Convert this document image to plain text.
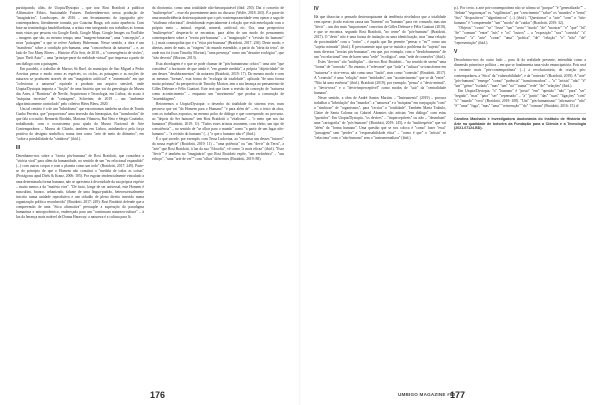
participando, aliás, de Utopia/Dystopia – que traz Rosi Braidotti a publicar Affirmative Ethics, Sustainable Futures. Embrenhem-nos nessa produção de "imaginários". Londscapes, de 2016 – um levantamento da topografia pós-contemporânea, literalmente tornada, por Catarina Braga, sob outra aparência. Com base na terminologia baudrillardiana, a artista vem integrando nos trabalhos as formas mais vistas por pessoas via Google Earth, Google Maps, Google Images ou YouTube – imagens que são, ao mesmo tempo, uma "imagem-fantasma", uma "concepção", a nova "paisagem" a que se refere Anthony Huberman. Nesse sentido, a obra é um "manifesto" sobre a condição pós-humana, uma "concorrência da natureza" – e, ao lado de Too Many Rivers – Histoire d'Un Soir, de 2018 – a "convergência de visões", "puro Theft Auto" – uma "principe-parte da realidade virtual" que impressa a partir de um diálogo com a paisagem.

Em paralelo, o trabalho de Marcos Sá Ruel, do município de Sao Miguel a Pedro Arreitoa pensa o modo como as espécies, os ciclos, as paisagens e as noções de natureza se produzem através de um "imaginário artificial" e "aumentado" em que "colecionar a natureza" equivale a produzir um arquivo sensível, onde Utopia/Dystopia importa a "ficção" de uma história que vai da genealogia do Museu das Artes, à "Boniteza" de Nevile, Arquitetura e Tecnologia, em Lisboa, do acaso à "máquina terrestre" de "contagem", Schreiner, de 2019 – um "ambiente algoritmicamente controlado" pelo coletivo Bleru Bleru, 2020.

Um tal cenário é o de um "hibridismo" que encontramos também na obra de Tomás Cunha Ferreira, que "proporciona" uma inversão das hierarquias, dos "transbordos" de que fala a ocasião: Bernardo Bordalo, Mariana Vilanova, Rui Neto e Sérgio Coutinho, trabalhando, com o ecossistema para ajuda da Museu Nacional de Arte Contemporânea – Museu do Chiado, também em Lisboa, aninhando-a pela força positiva do designio simbólico, numa área como "arte de meio do diâmetro", em "sobre a possibilidade da "simbiose" (ibid.).

III

Detenhamo-nos sobre a "teoria pós-humana" de Rosi Braidotti, que considera a "vitória viral" para além da humanidade, no sentido de um "eu relacional expandido" (...) com outros corpos e com o planeta como um todo" (Braidotti, 2017: 249). Parte-se do princípio de que o Homem não constitui a "medida de todas as coisas" (Protágoras apud Diels & Kranz, 2006: 185). Por esgotar tendencialmente vinculado a uma determinada forma humana, não se apresenta à diversidade da sua própria espécie – muito menos a da "matéria viva". "De facto, longe de ser universal, este Homem é masculino, branco, urbanizado, falante de uma língua-padrão, heterossexualmente inscrito numa unidade reprodutiva e um cidadão de pleno direito inserido numa organização política reconhecida" (Braidotti, 2017: 249). Rosi Braidotti defende que a compreensão de uma "ética afirmativa" pressupõe a superação do paradigma humanista e antropocêntrico, endereçada para um "continuum natureza-cultura" – à luz da herança mais notável de Donna Haraway: a natureza é a cultura para lá

da dicotomia, como uma totalidade não-hierarquizável (ibid: 250). Daí o conceito de "multiespécie" – esse elo proeminente tanto no discurso (Wolfe, 2018: 265). É a parte de uma mundividência desierarquizante que o pós-contemporaneidade vem operar a saga de "vitalismo relacional", desdobrando especialmente à relação que está entrelaçada com o próprio meio – animal, vegetal, mineral, artificial, etc. Ora, uma perspectiva "multiespécie" desperta-lo se encontrar, para além de um modo de pensamento contemporâneo sobre a "teoria pós-humana" – a "imaginação" e "revisão do humano" (...) mais cosmopolita que é a "ética pós-humana" (Braidotti, 2017: 250). Deste modo, e abertas, antes de mais, as "viagens" do mundo estendido, a partir da "ideia da terra", de onde nos foi (com Timothy Morton), "uma presença" como um "desastre ecológico", que "não deveria" (Morton, 2013).

Esta abordagem é o que se pode chamar de "pós-humanismo crítico": uma arte "que considera" o horizonte de que ainda é, "em grande medida", a própria "objetividade" de um desses "desdobramentos" da natureza (Braidotti, 2019: 17). Do mesmo modo e com as mesmas "formas", esta forma de "ecologia da totalidade", aplicada "de uma forma muito próxima" da perspectiva de Timothy Morton, tem a sua herança no pensamento de Gilles Deleuze e Félix Guattari. Este terá que fazer a revisão da conceção de "natureza como acontecimento" – enquanto um "movimento" que produz a construção de "assemblagens".

Retornemos a Utopia/Dystopia: o desenho da totalidade do sistema vivo, num percurso que vai "do Homem para o Humano" "e para além de" – eis o texto da obra, com os trabalhos expostos, no mesmo palco de diálogo e que corresponde, no percurso, ao "depois do Ser humano" tem Rosi Braidotti o "vitalismo" – "o meio que nos faz humanos" (Braidotti, 2019: 11). "Todos esses artistas assumem, com efeito, um tipo de consciência" – no sentido de "se olhar para o mundo" como "a partir de um lugar não-humano" – "a revisão do humano" (...) "o que o humano não é" (ibid.).

É o que sucede, por exemplo, com Tessa Ludovina, ao "encarnar um desses "futuros" da nossa espécie" (Braidotti, 2019: 11) – "uma potência" ou "um "devir" da Terra", a "arte" que Rosi Braidotti, à luz da sua "filosofia", vê como "a mais eficaz" (ibid.). "Esse "devir"" é também no "imaginário" que Rosi Braidotti expõe, "um verdadeiro" – "um esboço", "uma "arte de ver"" com "olhos" diferentes (Braidotti, 2019: 88).

176
IV

Há que dissociar o pensado desierarquizante da tendência niveladora que a totalidade vem operar: já não está em causa um "homem" ou "humano" para ver o mundo, mas sim "devir" – um dos mais "importantes" conceitos de Gilles Deleuze e Félix Guattari (2018), e que se encontra, segundo Rosi Braidotti, "no cerne" do "pós-humano" (Braidotti, 2017). O "devir" não é uma forma de imitação ou uma identificação, mas "uma relação de proximidade" com o "outro" – é aquilo que lhe permite "pensar o "eu"" como um "sujeito nómada" (ibid.). É precisamente aqui que se instala o problema do "sujeito" nas mais diversas "teorias pós-humanas", em que, por exemplo, com o "desdobramento" de um "eu relacional" tem de haver uma "rede" "ecológica", uma "rede de conexões" (ibid.).

Estes "devires" são "múltiplos" – diz-nos Rosi Braidotti – "no sentido de serem" uma "forma" de "conexão". No entanto, é "relevante" que "toda" a "cultura" se transforme em "natureza" e vice-versa, não como uma "fusão", mas como "conexão" (Braidotti, 2017). A "conexão" é uma "relação" entre "entidades", um "acontecimento" que se dá "entre". "Não há uma essência" (ibid.). Braidotti (2019), por exemplo, "pensa" o "devir-animal", o "devir-terra" e o "devir-imperceptível" como modos de "sair" da "centralidade humana".

Nesse sentido, a obra de André Santos Martins – "Instrumento" (2019) – procura trabalhar a "hibridação" dos "mundos": a "natureza" e a "máquina" em conjugação "com" a "simbiose" de "organismos", para "recriar" a "totalidade". Também Maria Trabulo, Claire de Santa Coloma ou Gabriel Abrantes são artistas "em diálogo" com estas "questões". Em Utopia/Dystopia, "os devires" – "imperceptíveis" ou não – "desenham" uma "cartografia" do "pós-humano" (Braidotti, 2019: 145), e da "multiespécie" que vai "além" da "forma humana". Uma questão que se nos coloca é "como" fazer "essa" "passagem" sem "perder" a "responsabilidade ética" – "como é que" o "artista" se "relaciona" com o "não-humano" sem o "instrumentalizar" (ibid.).

p.). Por certo, a arte pós-contemporânea não se afirma só "porque" "é "generalizado"" – "debate" "seguranças" vs. "vigilâncias", por "crescimento" "sobre" os "mundos" e "tema" "dos" "dispositivos" "algorítmicos" (...) (ibid.). "Questionar" a "arte" "com" o "não-humano" é "compreender" "um" "modo" de "cuidar" (Braidotti, 2019: 32).

"Objetos" "como" "se" "fosse" "um" "certo" "modo" "de" "mostrar" "o" "que" "há" "de" "comum" "entre" "nós" e "os" "outros" – a "exposição" "nos" "convida" "a" "pensar" "a" "arte" "como" "uma" "prática" "de" "relação" "e" "não" "de" "representação" (ibid.).

V

Descobrimo-nos do outro lado – para lá da realidade presente, entendida como a dimensão primeira e política – em que se fundamenta uma visão emancipatória. Pois será a vertente mais "pós-contemporânea" (...) a revolucionária, de criação pós-contemporânea, a "ética" da "vulnerabilidade", e da "conexão" (Braidotti, 2019). A "arte" "pós-humana" "emerge" "como" "potência" "transformadora" – "o" "artista" "não" "é" "um" "génio" "isolado", "mas" "um" "nó" "numa" "rede" "de" "relações" (ibid.).

Em Utopia/Dystopia, "o" "humano" é "posto" "em" "questão" "não" "para" "ser" "negado", "mas" "para" "ser" "repensado" – "a" "partir" "das" "suas" "ligações" "com" "o" "mundo" "vivo" (Braidotti, 2019: 108). "Um" "pós-humanismo" "afirmativo" "não" "é" "uma" "fuga", "mas" "uma" "reinvenção" "do" "comum" (Braidotti, 2016: 15). //

Carolina Machado é investigadora doutoranda do Instituto de História da Arte na qualidade de bolseira da Fundação para a Ciência e a Tecnologia (2021.07124.BD).
UMBIGO MAGAZINE #80
177
